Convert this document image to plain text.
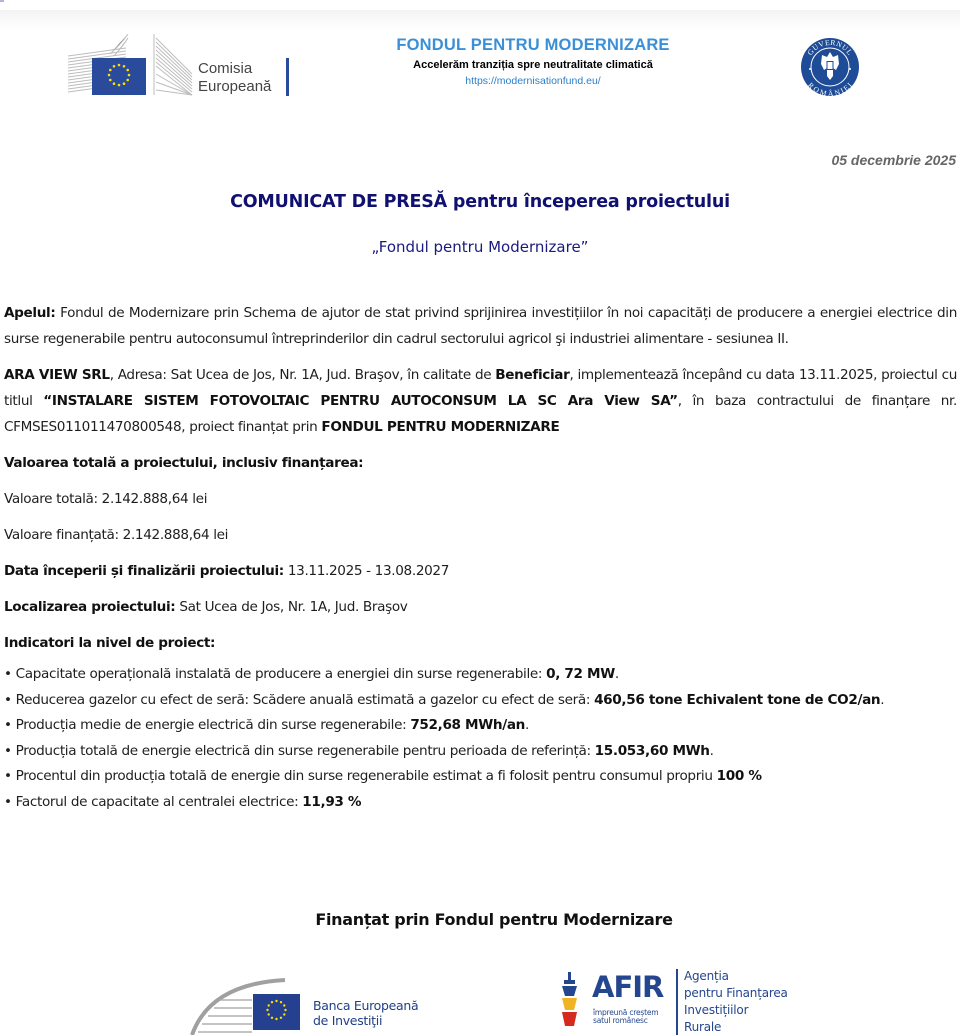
Comisia
Europeană
FONDUL PENTRU MODERNIZARE
Accelerăm tranziția spre neutralitate climatică
https://modernisationfund.eu/
GUVERNUL
ROMÂNIEI
05 decembrie 2025
COMUNICAT DE PRESĂ pentru începerea proiectului
„Fondul pentru Modernizare”

Apelul: Fondul de Modernizare prin Schema de ajutor de stat privind sprijinirea investițiilor în noi capacități de producere a energiei electrice din surse regenerabile pentru autoconsumul întreprinderilor din cadrul sectorului agricol şi industriei alimentare - sesiunea II.

ARA VIEW SRL, Adresa: Sat Ucea de Jos, Nr. 1A, Jud. Braşov, în calitate de Beneficiar, implementează începând cu data 13.11.2025, proiectul cu titlul “INSTALARE SISTEM FOTOVOLTAIC PENTRU AUTOCONSUM LA SC Ara View SA”, în baza contractului de finanțare nr. CFMSES011011470800548, proiect finanțat prin FONDUL PENTRU MODERNIZARE

Valoarea totală a proiectului, inclusiv finanțarea:

Valoare totală: 2.142.888,64 lei

Valoare finanțată: 2.142.888,64 lei

Data începerii și finalizării proiectului: 13.11.2025 - 13.08.2027

Localizarea proiectului: Sat Ucea de Jos, Nr. 1A, Jud. Braşov

Indicatori la nivel de proiect:

• Capacitate operațională instalată de producere a energiei din surse regenerabile: 0, 72 MW.
• Reducerea gazelor cu efect de seră: Scădere anuală estimată a gazelor cu efect de seră: 460,56 tone Echivalent tone de CO2/an.
• Producția medie de energie electrică din surse regenerabile: 752,68 MWh/an.
• Producția totală de energie electrică din surse regenerabile pentru perioada de referință: 15.053,60 MWh.
• Procentul din producția totală de energie din surse regenerabile estimat a fi folosit pentru consumul propriu 100 %
• Factorul de capacitate al centralei electrice: 11,93 %
Finanțat prin Fondul pentru Modernizare
Banca Europeană
de Investiţii
AFIR
împreună creștem
satul românesc
Agenția
pentru Finanțarea
Investițiilor
Rurale
